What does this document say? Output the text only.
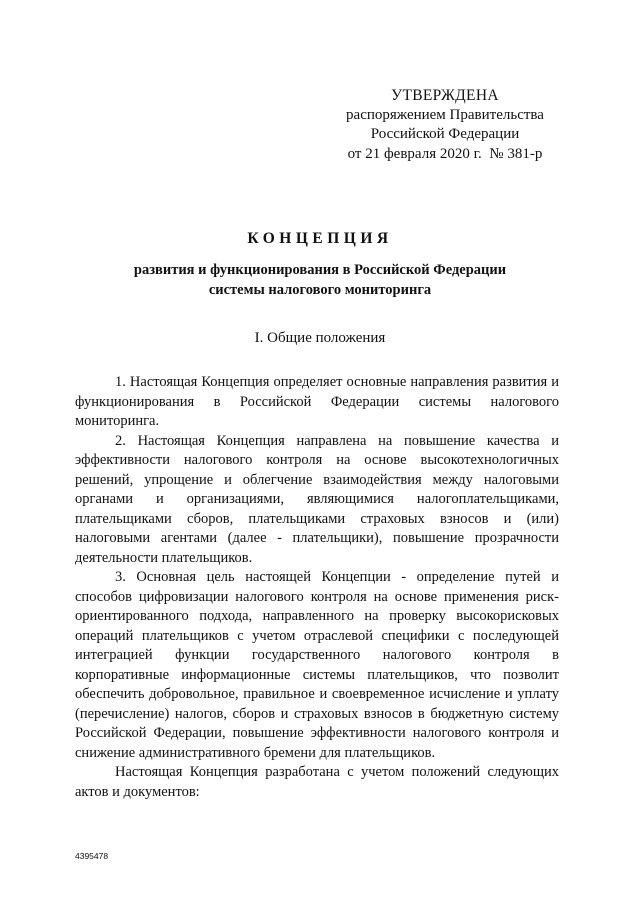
УТВЕРЖДЕНА
распоряжением Правительства
Российской Федерации
от 21 февраля 2020 г.  № 381-р
КОНЦЕПЦИЯ
развития и функционирования в Российской Федерации
системы налогового мониторинга
I. Общие положения

1. Настоящая Концепция определяет основные направления развития и функционирования в Российской Федерации системы налогового мониторинга.

2. Настоящая Концепция направлена на повышение качества и эффективности налогового контроля на основе высокотехнологичных решений, упрощение и облегчение взаимодействия между налоговыми органами и организациями, являющимися налогоплательщиками, плательщиками сборов, плательщиками страховых взносов и (или) налоговыми агентами (далее - плательщики), повышение прозрачности деятельности плательщиков.

3. Основная цель настоящей Концепции - определение путей и способов цифровизации налогового контроля на основе применения риск-ориентированного подхода, направленного на проверку высокорисковых операций плательщиков с учетом отраслевой специфики с последующей интеграцией функции государственного налогового контроля в корпоративные информационные системы плательщиков, что позволит обеспечить добровольное, правильное и своевременное исчисление и уплату (перечисление) налогов, сборов и страховых взносов в бюджетную систему Российской Федерации, повышение эффективности налогового контроля и снижение административного бремени для плательщиков.

Настоящая Концепция разработана с учетом положений следующих актов и документов:

4395478
